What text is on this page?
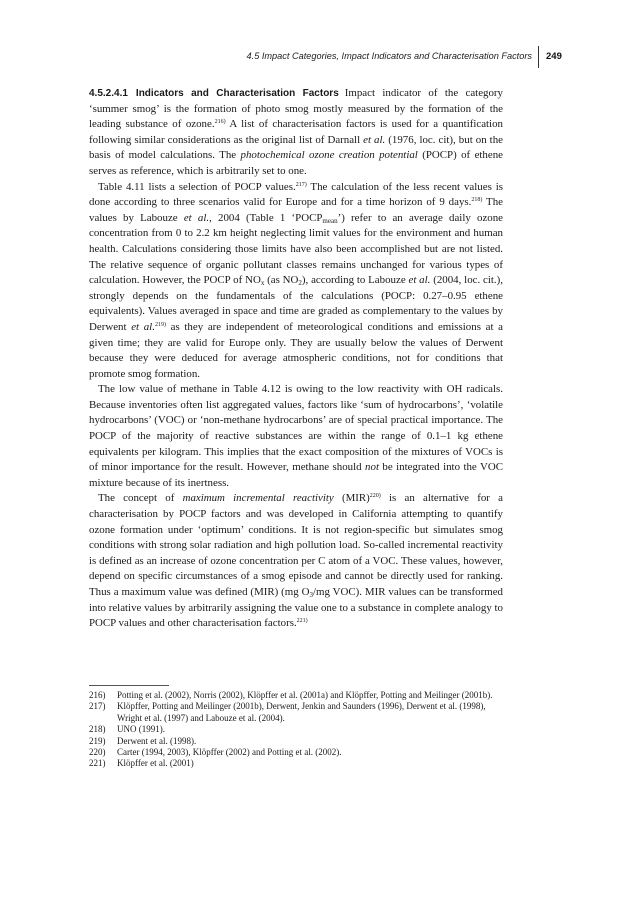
4.5 Impact Categories, Impact Indicators and Characterisation Factors 249

4.5.2.4.1 Indicators and Characterisation Factors Impact indicator of the category ‘summer smog’ is the formation of photo smog mostly measured by the formation of the leading substance of ozone.$^{216)}$ A list of characterisation factors is used for a quantification following similar considerations as the original list of Darnall et al. (1976, loc. cit), but on the basis of model calculations. The photochemical ozone creation potential (POCP) of ethene serves as reference, which is arbitrarily set to one.

Table 4.11 lists a selection of POCP values.$^{217)}$ The calculation of the less recent values is done according to three scenarios valid for Europe and for a time horizon of 9 days.$^{218)}$ The values by Labouze et al., 2004 (Table 1 ‘$POCP_{mean}$’) refer to an average daily ozone concentration from 0 to 2.2 km height neglecting limit values for the environment and human health. Calculations considering those limits have also been accomplished but are not listed. The relative sequence of organic pollutant classes remains unchanged for various types of calculation. However, the POCP of $NO_x$ (as $NO_2$), according to Labouze et al. (2004, loc. cit.), strongly depends on the fundamentals of the calculations (POCP: 0.27–0.95 ethene equivalents). Values averaged in space and time are graded as complementary to the values by Derwent et al.$^{219)}$ as they are independent of meteorological conditions and emissions at a given time; they are valid for Europe only. They are usually below the values of Derwent because they were deduced for average atmospheric conditions, not for conditions that promote smog formation.

The low value of methane in Table 4.12 is owing to the low reactivity with OH radicals. Because inventories often list aggregated values, factors like ‘sum of hydrocarbons’, ‘volatile hydrocarbons’ (VOC) or ‘non-methane hydrocarbons’ are of special practical importance. The POCP of the majority of reactive substances are within the range of 0.1–1 kg ethene equivalents per kilogram. This implies that the exact composition of the mixtures of VOCs is of minor importance for the result. However, methane should not be integrated into the VOC mixture because of its inertness.

The concept of maximum incremental reactivity (MIR)$^{220)}$ is an alternative for a characterisation by POCP factors and was developed in California attempting to quantify ozone formation under ‘optimum’ conditions. It is not region-specific but simulates smog conditions with strong solar radiation and high pollution load. So-called incremental reactivity is defined as an increase of ozone concentration per C atom of a VOC. These values, however, depend on specific circumstances of a smog episode and cannot be directly used for ranking. Thus a maximum value was defined (MIR) (mg $O_3/mg$ VOC). MIR values can be transformed into relative values by arbitrarily assigning the value one to a substance in complete analogy to POCP values and other characterisation factors.$^{221)}$

216)	Potting et al. (2002), Norris (2002), Klöpffer et al. (2001a) and Klöpffer, Potting and Meilinger (2001b).
217)	Klöpffer, Potting and Meilinger (2001b), Derwent, Jenkin and Saunders (1996), Derwent et al. (1998), Wright et al. (1997) and Labouze et al. (2004).
218)	UNO (1991).
219)	Derwent et al. (1998).
220)	Carter (1994, 2003), Klöpffer (2002) and Potting et al. (2002).
221)	Klöpffer et al. (2001)
